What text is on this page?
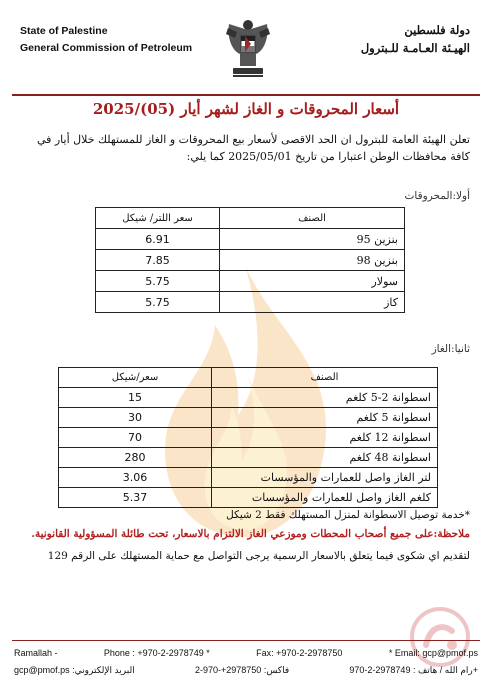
State of Palestine
General Commission of Petroleum
دولة فلسطين
الهيـئة العـامـة للـبترول
أسعار المحروقات و الغاز لشهر أيار (05)/2025
تعلن الهيئة العامة للبترول ان الحد الاقصى لأسعار بيع المحروقات و الغاز للمستهلك خلال أيار في كافة محافظات الوطن اعتبارا من تاريخ 2025/05/01 كما يلي:
أولا:المحروقات
الصنف	سعر اللتر/ شيكل
بنزين 95	6.91
بنزين 98	7.85
سولار	5.75
كاز	5.75
ثانيا:الغاز
الصنف	سعر/شيكل
اسطوانة 2-5 كلغم	15
اسطوانة 5 كلغم	30
اسطوانة 12 كلغم	70
اسطوانة 48 كلغم	280
لتر الغاز واصل للعمارات والمؤسسات	3.06
كلغم الغاز واصل للعمارات والمؤسسات	5.37
*خدمة توصيل الاسطوانة لمنزل المستهلك فقط 2 شيكل
ملاحظة:على جميع أصحاب المحطات وموزعي الغاز الالتزام بالاسعار، تحت طائلة المسؤولية القانونية.
لتقديم اي شكوى فيما يتعلق بالاسعار الرسمية يرجى التواصل مع حماية المستهلك على الرقم 129
Ramallah -	Phone : +970-2-2978749 *	Fax: +970-2-2978750	* Email: gcp@pmof.ps
gcp@pmof.ps :البريد الإلكتروني	فاكس: 2978750+-970-2	رام الله / هاتف : 2978749-2-970+
